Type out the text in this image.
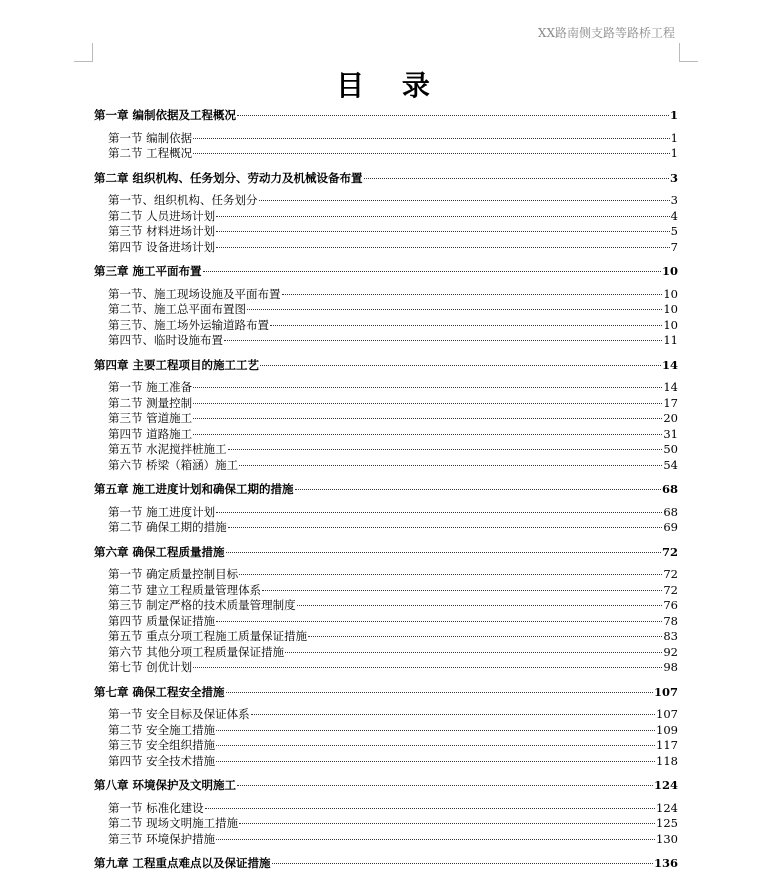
XX路南侧支路等路桥工程
目 录
第一章 编制依据及工程概况	1
第一节 编制依据	1
第二节 工程概况	1
第二章 组织机构、任务划分、劳动力及机械设备布置	3
第一节、组织机构、任务划分	3
第二节 人员进场计划	4
第三节 材料进场计划	5
第四节 设备进场计划	7
第三章 施工平面布置	10
第一节、施工现场设施及平面布置	10
第二节、施工总平面布置图	10
第三节、施工场外运输道路布置	10
第四节、临时设施布置	11
第四章 主要工程项目的施工工艺	14
第一节 施工准备	14
第二节 测量控制	17
第三节 管道施工	20
第四节 道路施工	31
第五节 水泥搅拌桩施工	50
第六节 桥梁（箱涵）施工	54
第五章 施工进度计划和确保工期的措施	68
第一节 施工进度计划	68
第二节 确保工期的措施	69
第六章 确保工程质量措施	72
第一节 确定质量控制目标	72
第二节 建立工程质量管理体系	72
第三节 制定严格的技术质量管理制度	76
第四节 质量保证措施	78
第五节 重点分项工程施工质量保证措施	83
第六节 其他分项工程质量保证措施	92
第七节 创优计划	98
第七章 确保工程安全措施	107
第一节 安全目标及保证体系	107
第二节 安全施工措施	109
第三节 安全组织措施	117
第四节 安全技术措施	118
第八章 环境保护及文明施工	124
第一节 标准化建设	124
第二节 现场文明施工措施	125
第三节 环境保护措施	130
第九章 工程重点难点以及保证措施	136
